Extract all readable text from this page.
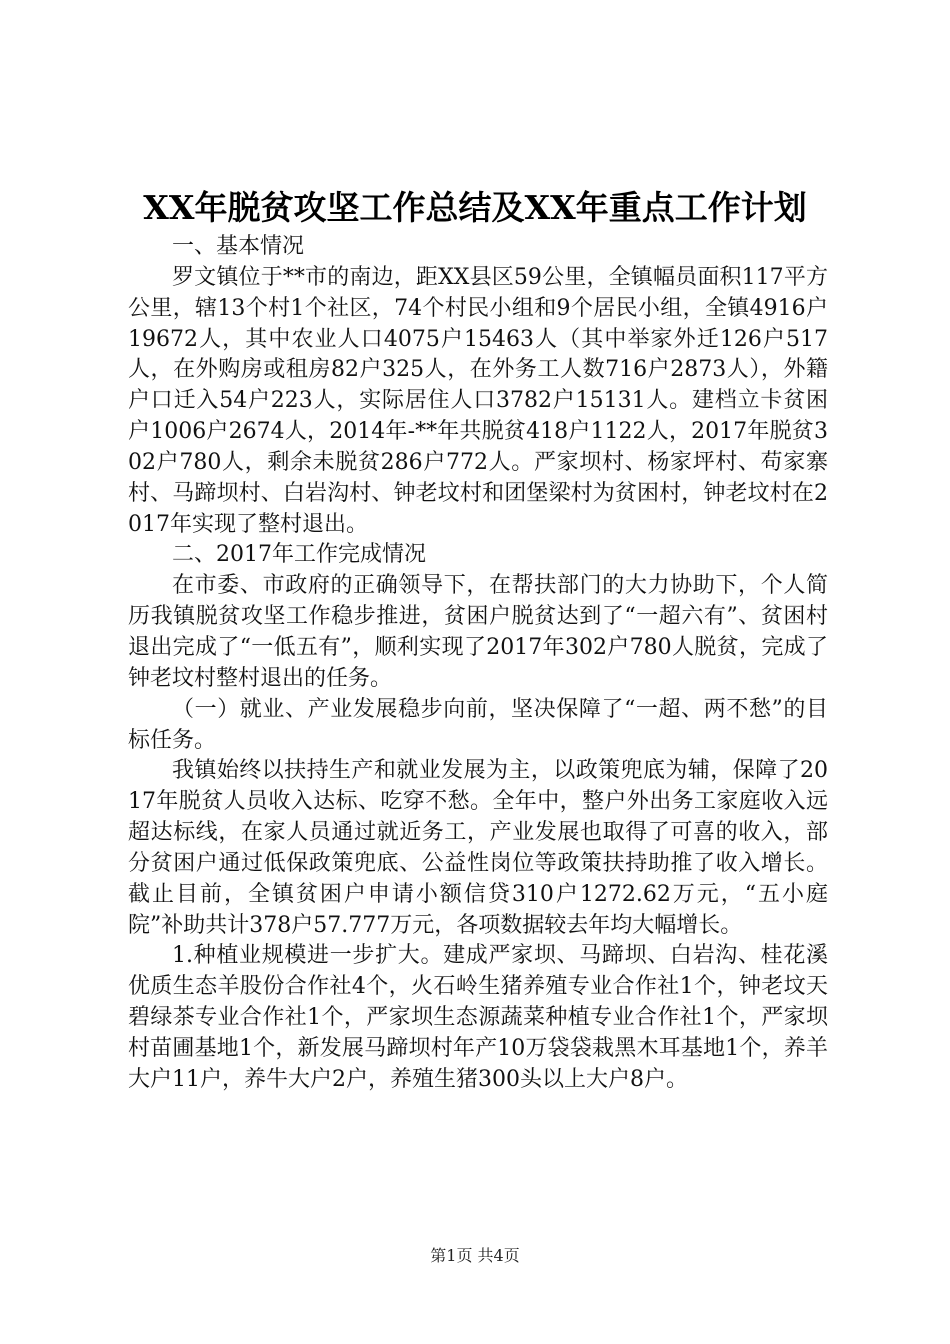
XX年脱贫攻坚工作总结及XX年重点工作计划

一、基本情况

罗文镇位于**市的南边，距XX县区59公里，全镇幅员面积117平方公里，辖13个村1个社区，74个村民小组和9个居民小组，全镇4916户19672人，其中农业人口4075户15463人（其中举家外迁126户517人，在外购房或租房82户325人，在外务工人数716户2873人），外籍户口迁入54户223人，实际居住人口3782户15131人。建档立卡贫困户1006户2674人，2014年-**年共脱贫418户1122人，2017年脱贫302户780人，剩余未脱贫286户772人。严家坝村、杨家坪村、苟家寨村、马蹄坝村、白岩沟村、钟老坟村和团堡梁村为贫困村，钟老坟村在2017年实现了整村退出。

二、2017年工作完成情况

在市委、市政府的正确领导下，在帮扶部门的大力协助下，个人简历我镇脱贫攻坚工作稳步推进，贫困户脱贫达到了“一超六有”、贫困村退出完成了“一低五有”，顺利实现了2017年302户780人脱贫，完成了钟老坟村整村退出的任务。

（一）就业、产业发展稳步向前，坚决保障了“一超、两不愁”的目标任务。

我镇始终以扶持生产和就业发展为主，以政策兜底为辅，保障了2017年脱贫人员收入达标、吃穿不愁。全年中，整户外出务工家庭收入远超达标线，在家人员通过就近务工，产业发展也取得了可喜的收入，部分贫困户通过低保政策兜底、公益性岗位等政策扶持助推了收入增长。截止目前，全镇贫困户申请小额信贷310户1272.62万元，“五小庭院”补助共计378户57.777万元，各项数据较去年均大幅增长。

1.种植业规模进一步扩大。建成严家坝、马蹄坝、白岩沟、桂花溪优质生态羊股份合作社4个，火石岭生猪养殖专业合作社1个，钟老坟天碧绿茶专业合作社1个，严家坝生态源蔬菜种植专业合作社1个，严家坝村苗圃基地1个，新发展马蹄坝村年产10万袋袋栽黑木耳基地1个，养羊大户11户，养牛大户2户，养殖生猪300头以上大户8户。

第1页 共4页
